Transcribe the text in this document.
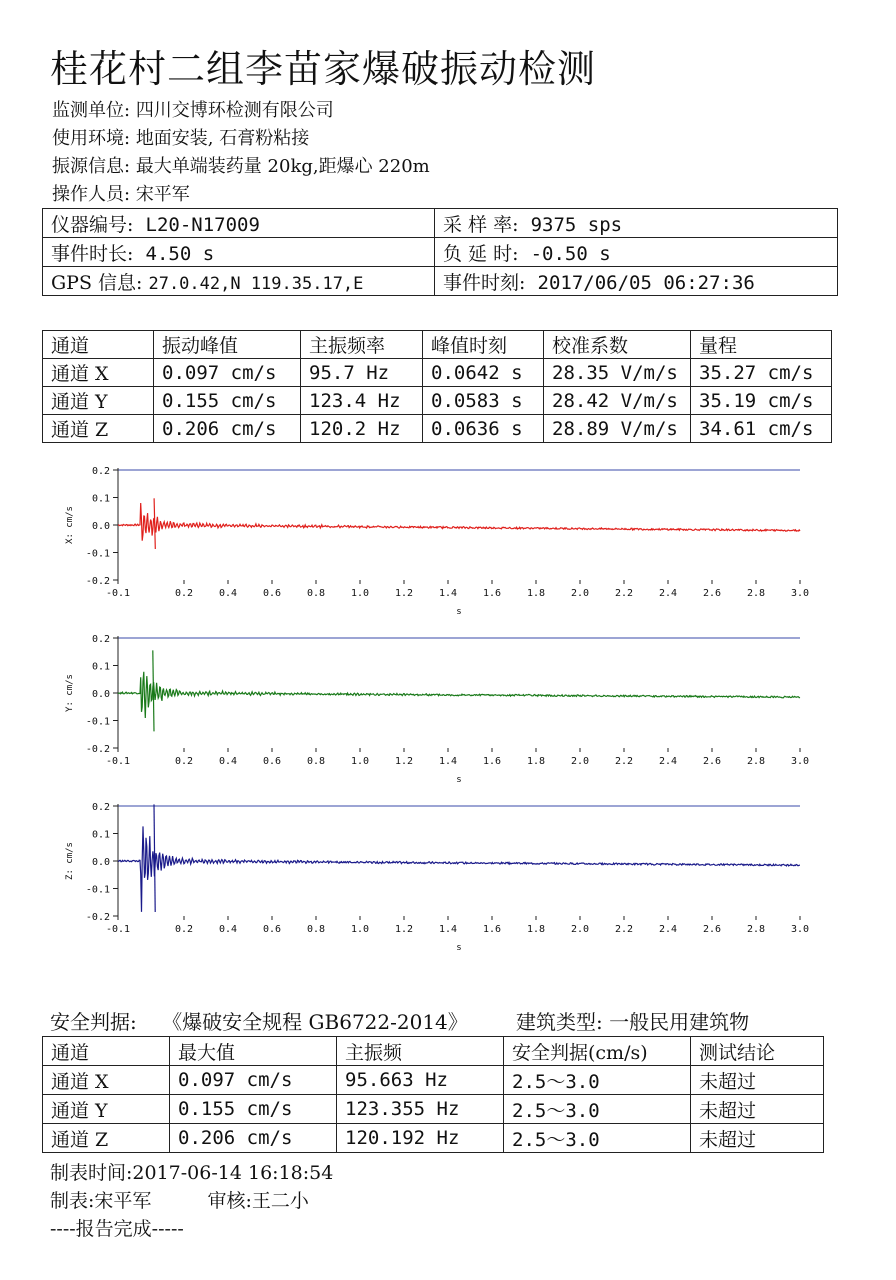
桂花村二组李苗家爆破振动检测
监测单位: 四川交博环检测有限公司
使用环境: 地面安装, 石膏粉粘接
振源信息: 最大单端装药量 20kg,距爆心 220m
操作人员: 宋平军
仪器编号: L20-N17009	采 样 率: 9375 sps
事件时长: 4.50 s	负 延 时: -0.50 s
GPS 信息: 27.0.42,N 119.35.17,E	事件时刻: 2017/06/05 06:27:36
通道	振动峰值	主振频率	峰值时刻	校准系数	量程
通道 X	0.097 cm/s	95.7 Hz	0.0642 s	28.35 V/m/s	35.27 cm/s
通道 Y	0.155 cm/s	123.4 Hz	0.0583 s	28.42 V/m/s	35.19 cm/s
通道 Z	0.206 cm/s	120.2 Hz	0.0636 s	28.89 V/m/s	34.61 cm/s
0.2
0.1
0.0
-0.1
-0.2
-0.1	0.2	0.4	0.6	0.8	1.0	1.2	1.4	1.6	1.8	2.0	2.2	2.4	2.6	2.8	3.0
s
X: cm/s
0.2
0.1
0.0
-0.1
-0.2
-0.1	0.2	0.4	0.6	0.8	1.0	1.2	1.4	1.6	1.8	2.0	2.2	2.4	2.6	2.8	3.0
s
Y: cm/s
0.2
0.1
0.0
-0.1
-0.2
-0.1	0.2	0.4	0.6	0.8	1.0	1.2	1.4	1.6	1.8	2.0	2.2	2.4	2.6	2.8	3.0
s
Z: cm/s
安全判据: 《爆破安全规程 GB6722-2014》 建筑类型: 一般民用建筑物
通道	最大值	主振频	安全判据(cm/s)	测试结论
通道 X	0.097 cm/s	95.663 Hz	2.5～3.0	未超过
通道 Y	0.155 cm/s	123.355 Hz	2.5～3.0	未超过
通道 Z	0.206 cm/s	120.192 Hz	2.5～3.0	未超过
制表时间:2017-06-14 16:18:54
制表:宋平军	审核:王二小
----报告完成-----
